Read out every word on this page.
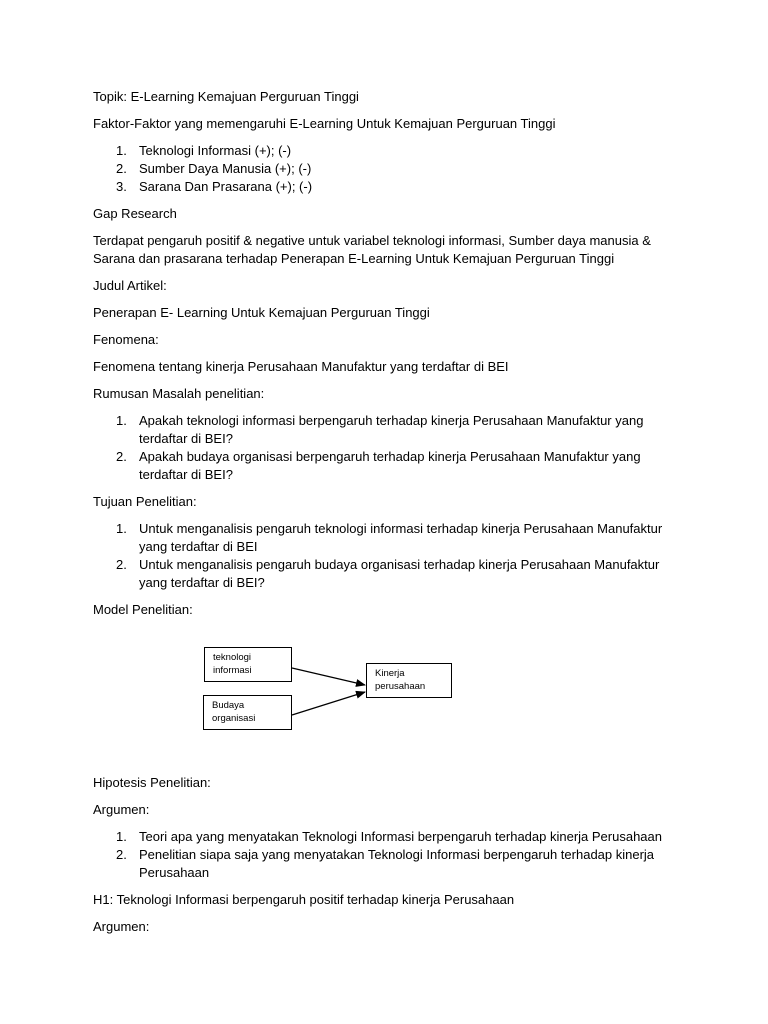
Topik: E-Learning Kemajuan Perguruan Tinggi

Faktor-Faktor yang memengaruhi E-Learning Untuk Kemajuan Perguruan Tinggi

1. Teknologi Informasi (+); (-)
2. Sumber Daya Manusia (+); (-)
3. Sarana Dan Prasarana (+); (-)

Gap Research

Terdapat pengaruh positif & negative untuk variabel teknologi informasi, Sumber daya manusia & Sarana dan prasarana terhadap Penerapan E-Learning Untuk Kemajuan Perguruan Tinggi

Judul Artikel:

Penerapan E- Learning Untuk Kemajuan Perguruan Tinggi

Fenomena:

Fenomena tentang kinerja Perusahaan Manufaktur yang terdaftar di BEI

Rumusan Masalah penelitian:

1. Apakah teknologi informasi berpengaruh terhadap kinerja Perusahaan Manufaktur yang terdaftar di BEI?
2. Apakah budaya organisasi berpengaruh terhadap kinerja Perusahaan Manufaktur yang terdaftar di BEI?

Tujuan Penelitian:

1. Untuk menganalisis pengaruh teknologi informasi terhadap kinerja Perusahaan Manufaktur yang terdaftar di BEI
2. Untuk menganalisis pengaruh budaya organisasi terhadap kinerja Perusahaan Manufaktur yang terdaftar di BEI?

Model Penelitian:

teknologi informasi
Budaya organisasi
Kinerja perusahaan

Hipotesis Penelitian:

Argumen:

1. Teori apa yang menyatakan Teknologi Informasi berpengaruh terhadap kinerja Perusahaan
2. Penelitian siapa saja yang menyatakan Teknologi Informasi berpengaruh terhadap kinerja Perusahaan

H1: Teknologi Informasi berpengaruh positif terhadap kinerja Perusahaan

Argumen:
